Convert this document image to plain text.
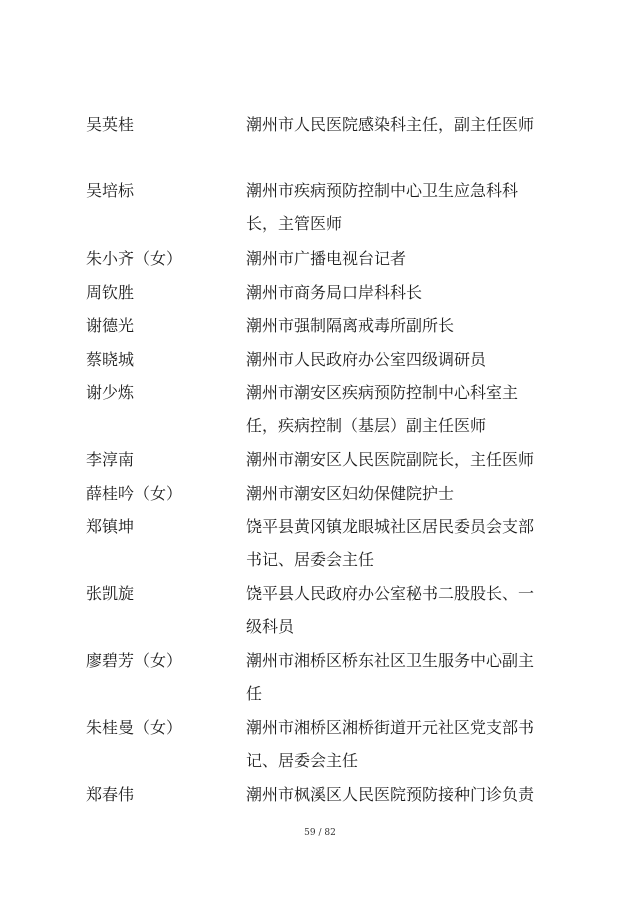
吴英桂	潮州市人民医院感染科主任，副主任医师
吴培标	潮州市疾病预防控制中心卫生应急科科
长，主管医师
朱小齐（女）	潮州市广播电视台记者
周钦胜	潮州市商务局口岸科科长
谢德光	潮州市强制隔离戒毒所副所长
蔡晓城	潮州市人民政府办公室四级调研员
谢少炼	潮州市潮安区疾病预防控制中心科室主
任，疾病控制（基层）副主任医师
李淳南	潮州市潮安区人民医院副院长，主任医师
薛桂吟（女）	潮州市潮安区妇幼保健院护士
郑镇坤	饶平县黄冈镇龙眼城社区居民委员会支部
书记、居委会主任
张凯旋	饶平县人民政府办公室秘书二股股长、一
级科员
廖碧芳（女）	潮州市湘桥区桥东社区卫生服务中心副主
任
朱桂曼（女）	潮州市湘桥区湘桥街道开元社区党支部书
记、居委会主任
郑春伟	潮州市枫溪区人民医院预防接种门诊负责
59 / 82
